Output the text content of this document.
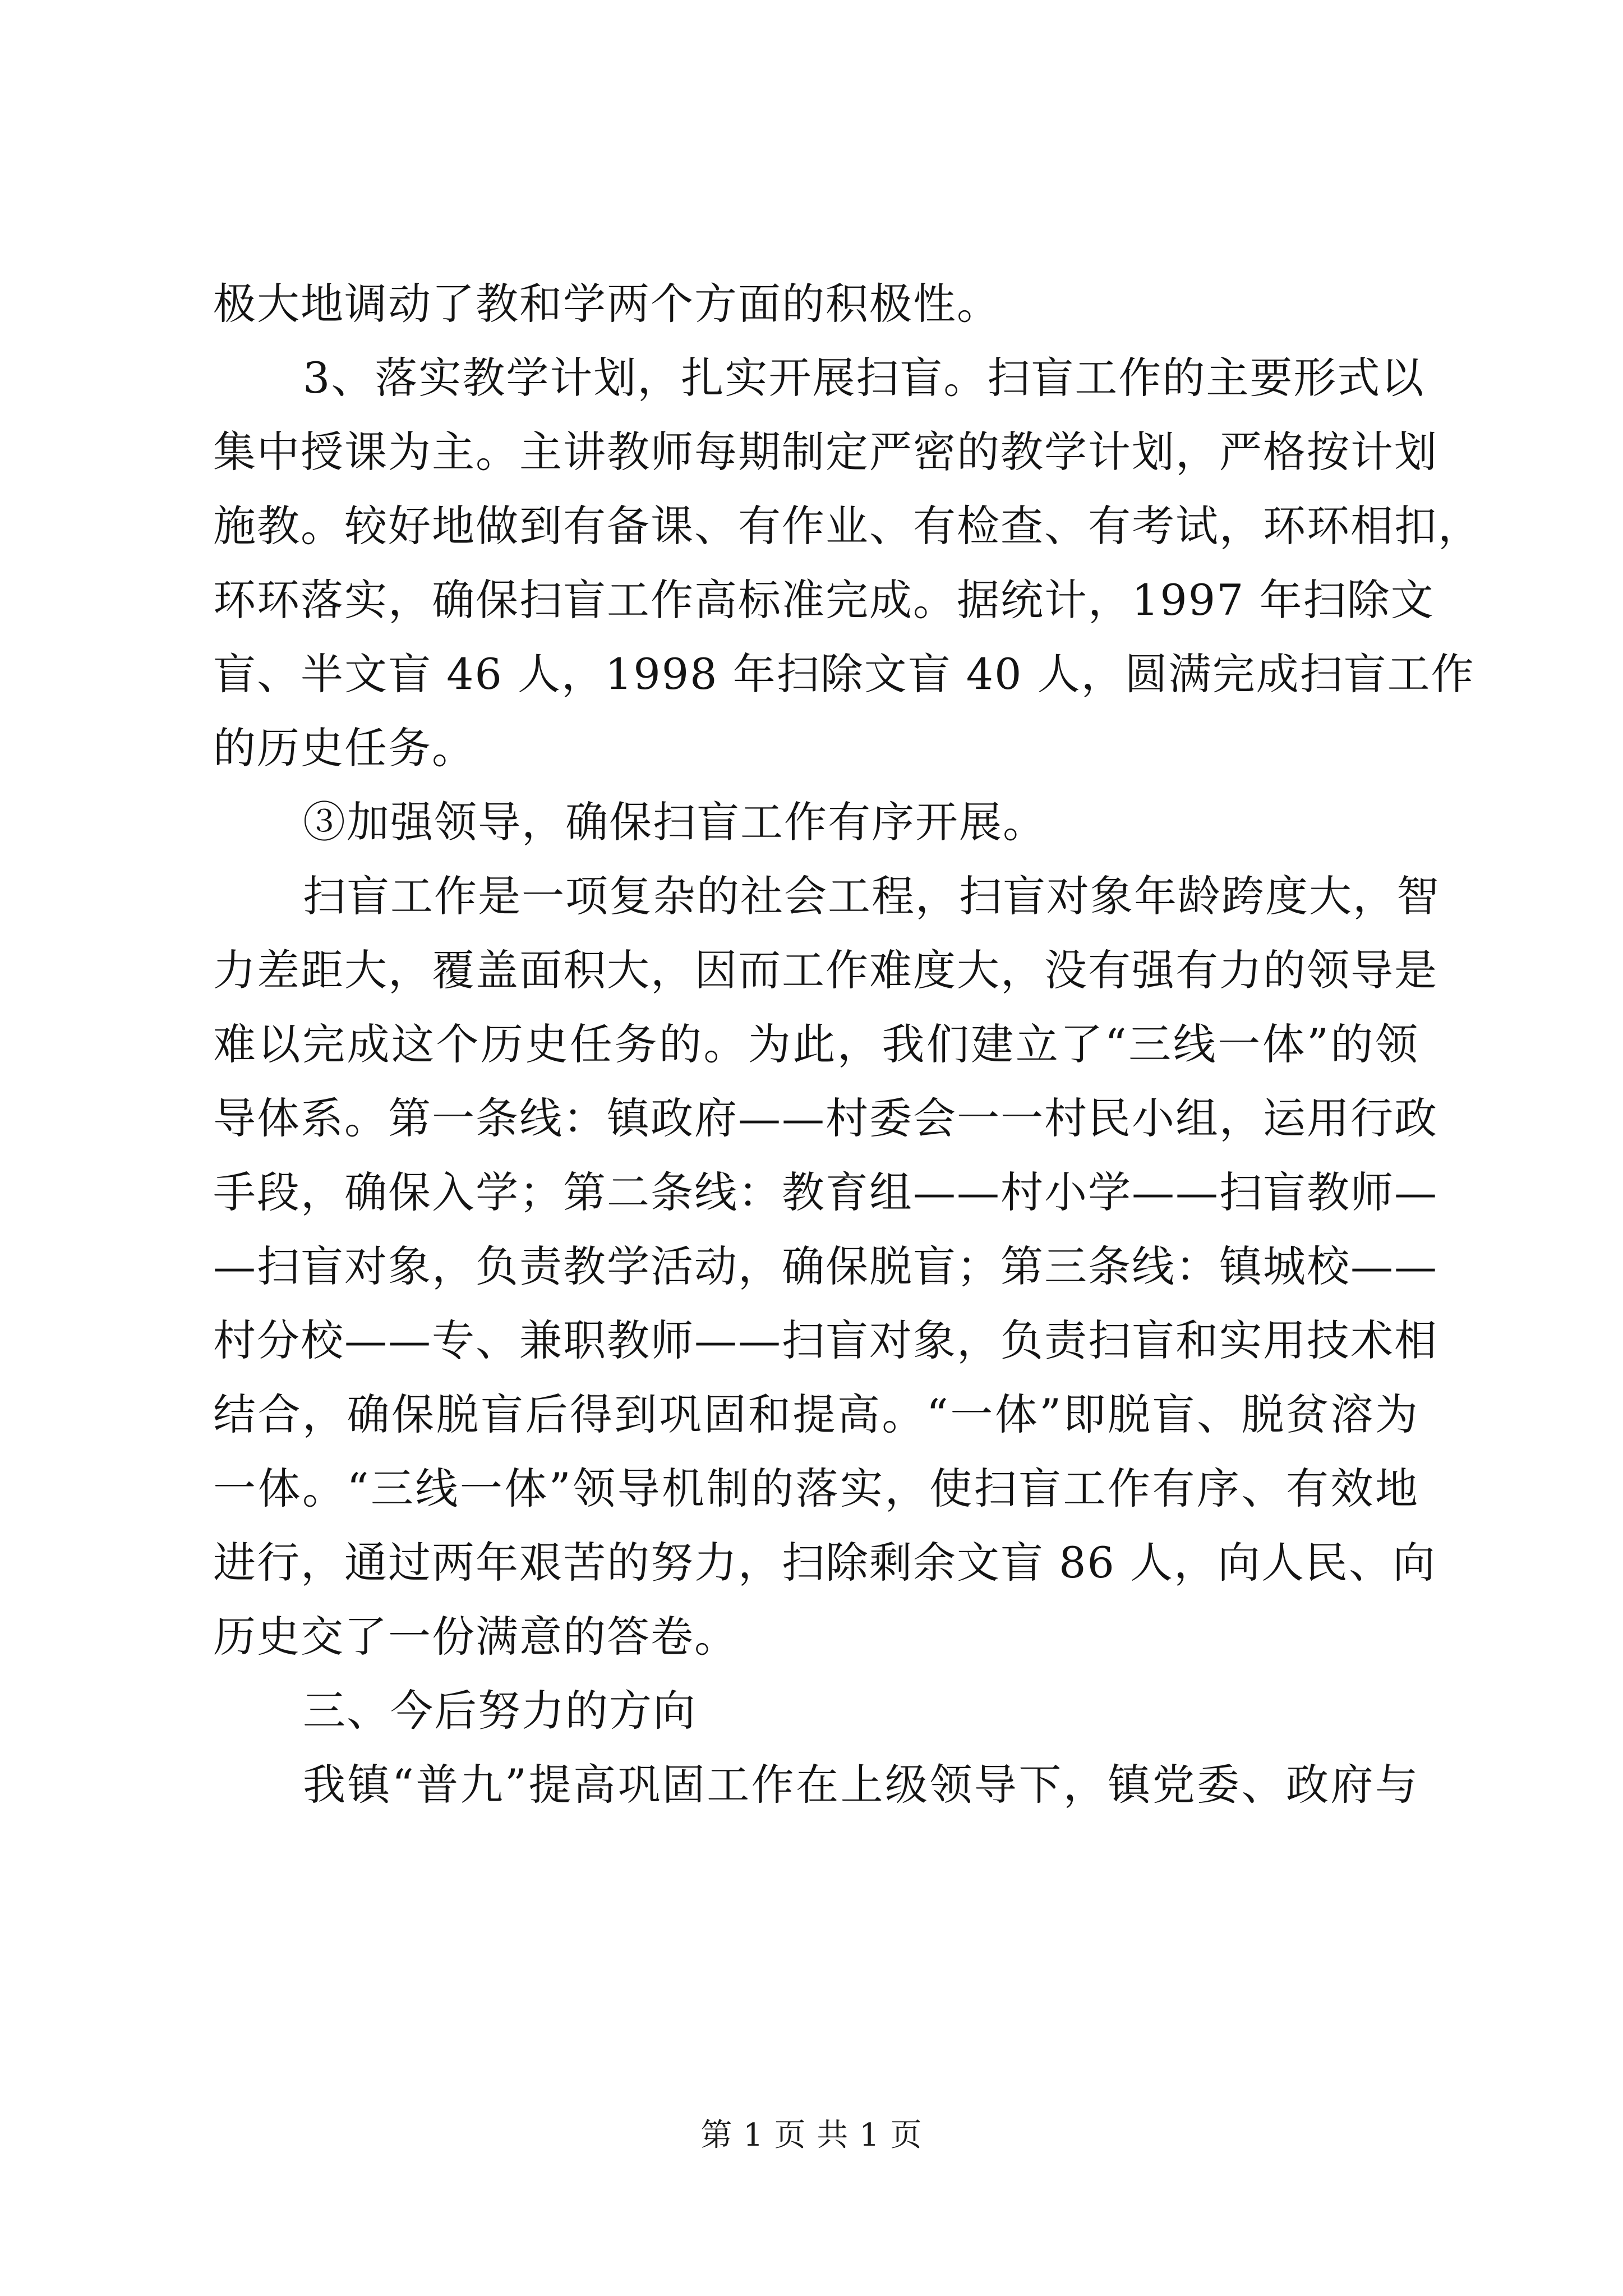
极大地调动了教和学两个方面的积极性。
3、落实教学计划，扎实开展扫盲。扫盲工作的主要形式以
集中授课为主。主讲教师每期制定严密的教学计划，严格按计划
施教。较好地做到有备课、有作业、有检查、有考试，环环相扣，
环环落实，确保扫盲工作高标准完成。据统计，1997 年扫除文
盲、半文盲 46 人，1998 年扫除文盲 40 人，圆满完成扫盲工作
的历史任务。
③加强领导，确保扫盲工作有序开展。
扫盲工作是一项复杂的社会工程，扫盲对象年龄跨度大，智
力差距大，覆盖面积大，因而工作难度大，没有强有力的领导是
难以完成这个历史任务的。为此，我们建立了“三线一体”的领
导体系。第一条线：镇政府——村委会一一村民小组，运用行政
手段，确保入学；第二条线：教育组——村小学——扫盲教师—
—扫盲对象，负责教学活动，确保脱盲；第三条线：镇城校——
村分校——专、兼职教师——扫盲对象，负责扫盲和实用技术相
结合，确保脱盲后得到巩固和提高。“一体”即脱盲、脱贫溶为
一体。“三线一体”领导机制的落实，使扫盲工作有序、有效地
进行，通过两年艰苦的努力，扫除剩余文盲 86 人，向人民、向
历史交了一份满意的答卷。
三、今后努力的方向
我镇“普九”提高巩固工作在上级领导下，镇党委、政府与
第 1 页 共 1 页
